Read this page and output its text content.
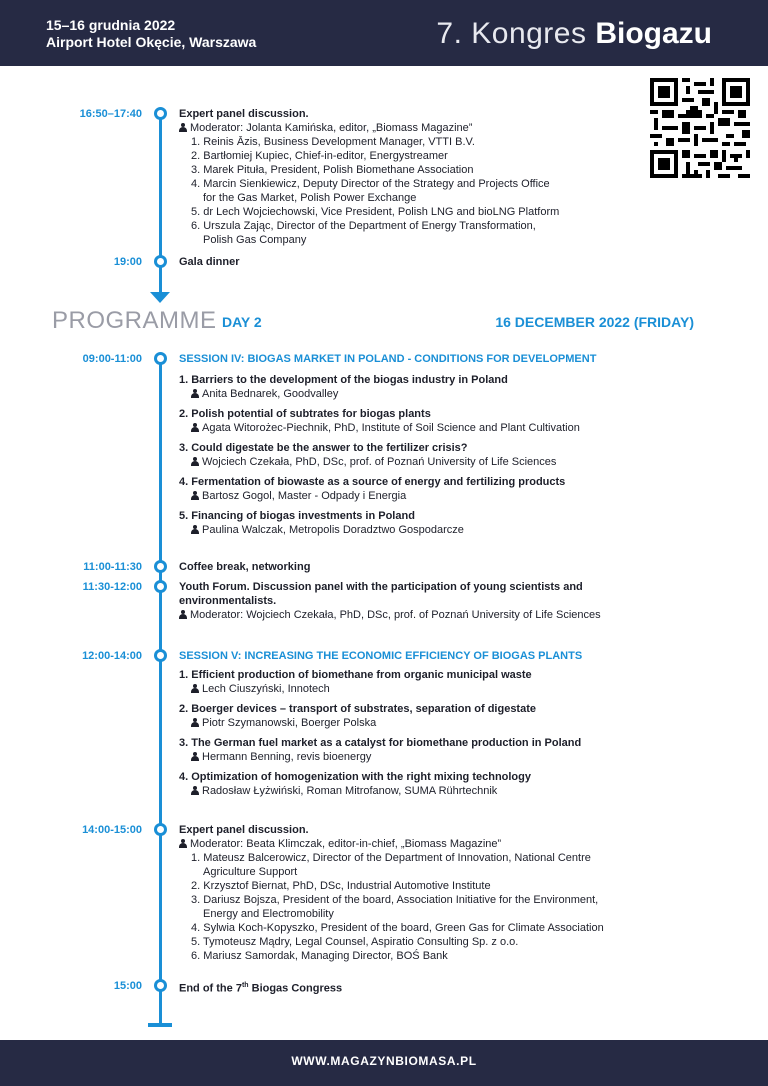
15–16 grudnia 2022
Airport Hotel Okęcie, Warszawa	7. Kongres Biogazu
16:50–17:40	Expert panel discussion.
Moderator: Jolanta Kamińska, editor, „Biomass Magazine”
1. Reinis Āzis, Business Development Manager, VTTI B.V.
2. Bartłomiej Kupiec, Chief-in-editor, Energystreamer
3. Marek Pituła, President, Polish Biomethane Association
4. Marcin Sienkiewicz, Deputy Director of the Strategy and Projects Office
for the Gas Market, Polish Power Exchange
5. dr Lech Wojciechowski, Vice President, Polish LNG and bioLNG Platform
6. Urszula Zając, Director of the Department of Energy Transformation,
Polish Gas Company
19:00	Gala dinner
PROGRAMME DAY 2	16 DECEMBER 2022 (FRIDAY)
09:00-11:00	SESSION IV: BIOGAS MARKET IN POLAND - CONDITIONS FOR DEVELOPMENT
1. Barriers to the development of the biogas industry in Poland
Anita Bednarek, Goodvalley
2. Polish potential of subtrates for biogas plants
Agata Witorożec-Piechnik, PhD, Institute of Soil Science and Plant Cultivation
3. Could digestate be the answer to the fertilizer crisis?
Wojciech Czekała, PhD, DSc, prof. of Poznań University of Life Sciences
4. Fermentation of biowaste as a source of energy and fertilizing products
Bartosz Gogol, Master - Odpady i Energia
5. Financing of biogas investments in Poland
Paulina Walczak, Metropolis Doradztwo Gospodarcze
11:00-11:30	Coffee break, networking
11:30-12:00	Youth Forum. Discussion panel with the participation of young scientists and
environmentalists.
Moderator: Wojciech Czekała, PhD, DSc, prof. of Poznań University of Life Sciences
12:00-14:00	SESSION V: INCREASING THE ECONOMIC EFFICIENCY OF BIOGAS PLANTS
1. Efficient production of biomethane from organic municipal waste
Lech Ciuszyński, Innotech
2. Boerger devices – transport of substrates, separation of digestate
Piotr Szymanowski, Boerger Polska
3. The German fuel market as a catalyst for biomethane production in Poland
Hermann Benning, revis bioenergy
4. Optimization of homogenization with the right mixing technology
Radosław Łyżwiński, Roman Mitrofanow, SUMA Rührtechnik
14:00-15:00	Expert panel discussion.
Moderator: Beata Klimczak, editor-in-chief, „Biomass Magazine”
1. Mateusz Balcerowicz, Director of the Department of Innovation, National Centre
Agriculture Support
2. Krzysztof Biernat, PhD, DSc, Industrial Automotive Institute
3. Dariusz Bojsza, President of the board, Association Initiative for the Environment,
Energy and Electromobility
4. Sylwia Koch-Kopyszko, President of the board, Green Gas for Climate Association
5. Tymoteusz Mądry, Legal Counsel, Aspiratio Consulting Sp. z o.o.
6. Mariusz Samordak, Managing Director, BOŚ Bank
15:00	End of the 7th Biogas Congress
WWW.MAGAZYNBIOMASA.PL
